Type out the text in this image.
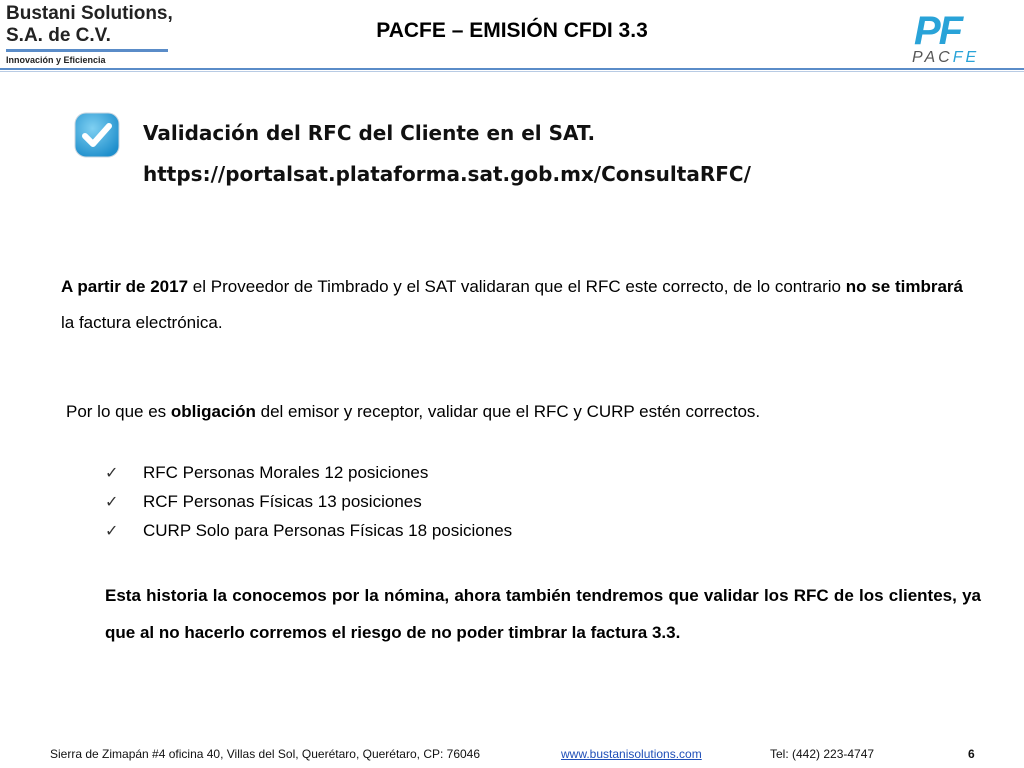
Bustani Solutions,
S.A. de C.V.
Innovación y Eficiencia
PACFE – EMISIÓN CFDI 3.3	PF
PACFE
Validación del RFC del Cliente en el SAT.
https://portalsat.plataforma.sat.gob.mx/ConsultaRFC/
A partir de 2017 el Proveedor de Timbrado y el SAT validaran que el RFC este correcto, de lo contrario no se timbrará la factura electrónica.
Por lo que es obligación del emisor y receptor, validar que el RFC y CURP estén correctos.
✓	RFC Personas Morales 12 posiciones
✓	RCF Personas Físicas 13 posiciones
✓	CURP Solo para Personas Físicas 18 posiciones
Esta historia la conocemos por la nómina, ahora también tendremos que validar los RFC de los clientes, ya que al no hacerlo corremos el riesgo de no poder timbrar la factura 3.3.
Sierra de Zimapán #4 oficina 40, Villas del Sol, Querétaro, Querétaro, CP: 76046	www.bustanisolutions.com	Tel: (442) 223-4747	6
